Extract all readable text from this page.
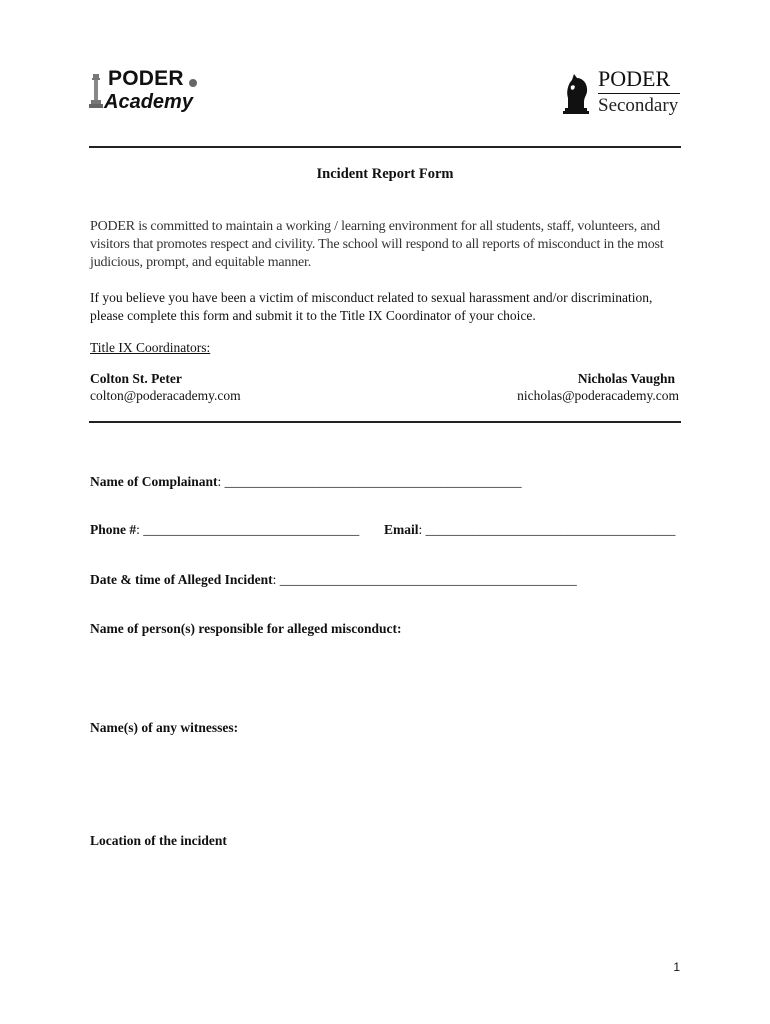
PODER
Academy
PODER
Secondary
Incident Report Form
PODER is committed to maintain a working / learning environment for all students, staff, volunteers, and visitors that promotes respect and civility. The school will respond to all reports of misconduct in the most judicious, prompt, and equitable manner.
If you believe you have been a victim of misconduct related to sexual harassment and/or discrimination, please complete this form and submit it to the Title IX Coordinator of your choice.
Title IX Coordinators:
Colton St. Peter
colton@poderacademy.com
Nicholas Vaughn
nicholas@poderacademy.com
Name of Complainant: ____________________________________________
Phone #: ________________________________ Email: _____________________________________
Date & time of Alleged Incident: ____________________________________________
Name of person(s) responsible for alleged misconduct:
Name(s) of any witnesses:
Location of the incident
1
